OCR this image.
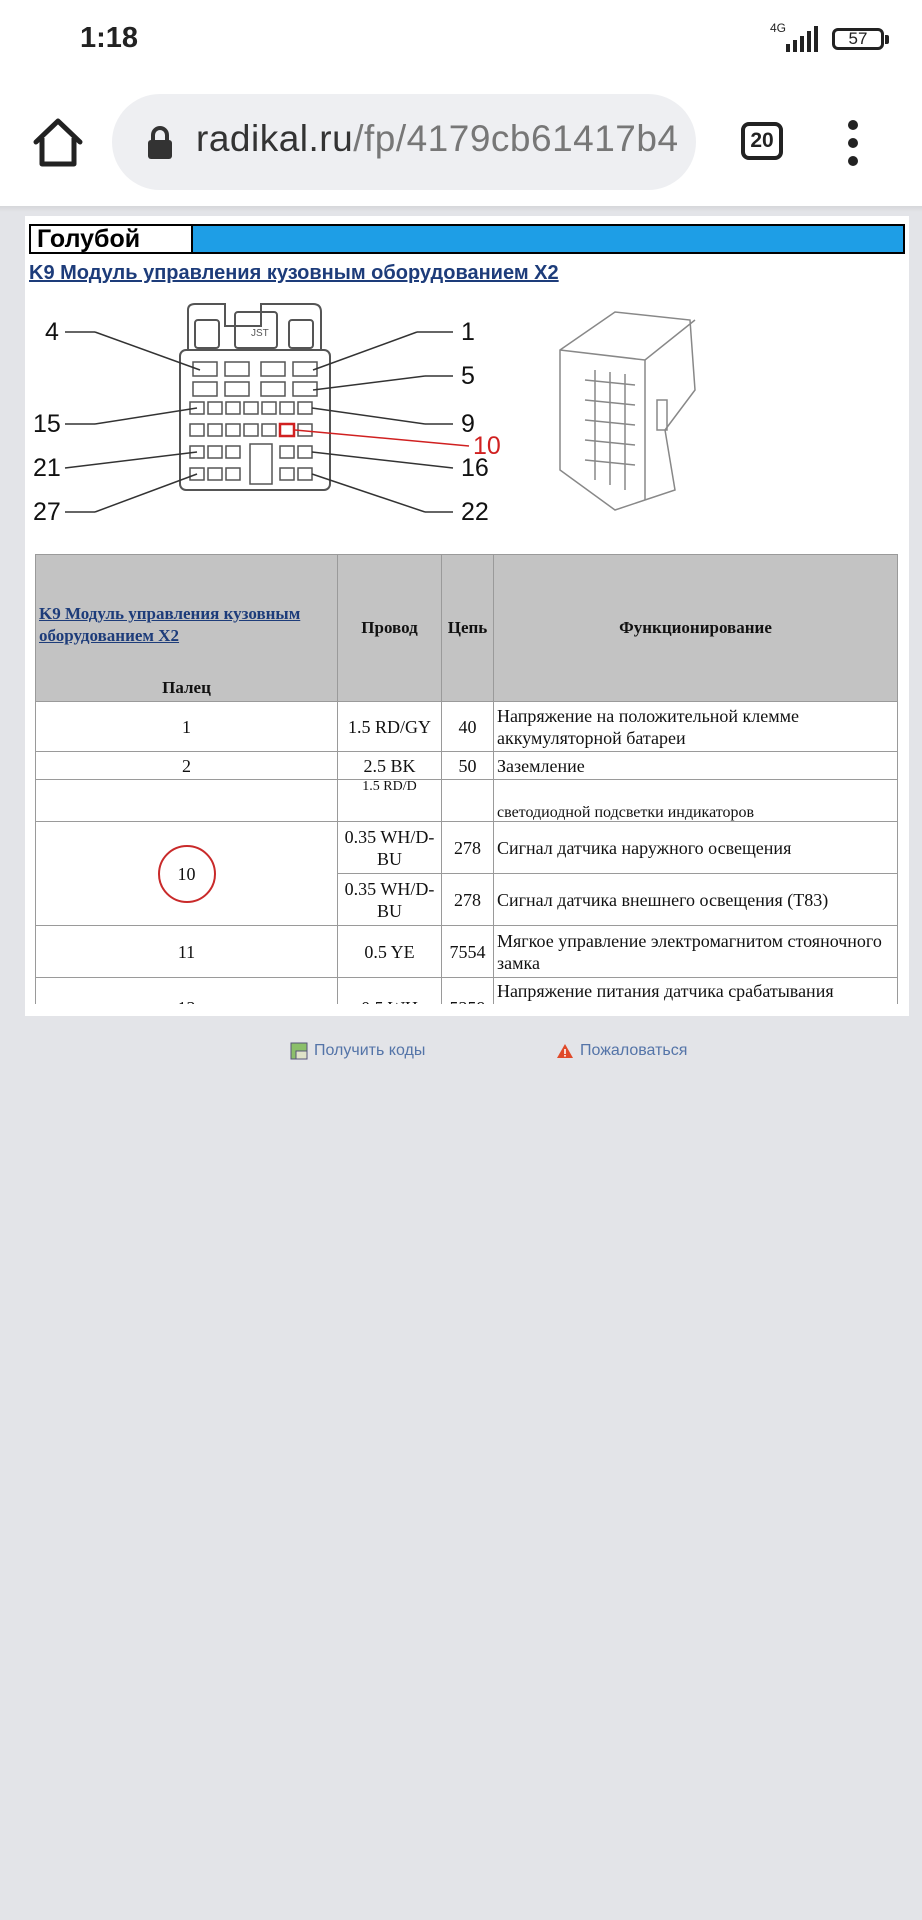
1:18	4G
57
radikal.ru/fp/4179cb61417b4	20
Голубой
K9 Модуль управления кузовным оборудованием X2
4	1
5
15	9
10
21	16
27	22
JST
K9 Модуль управления кузовным оборудованием X2
Палец	Провод	Цепь	Функционирование
1	1.5 RD/GY	40	Напряжение на положительной клемме аккумуляторной батареи
2	2.5 BK	50	Заземление
	1.5 RD/D		светодиодной подсветки индикаторов
10	0.35 WH/D-BU	278	Сигнал датчика наружного освещения
	0.35 WH/D-BU	278	Сигнал датчика внешнего освещения (T83)
11	0.5 YE	7554	Мягкое управление электромагнитом стояночного замка
			Напряжение питания датчика срабатывания
Получить коды	Пожаловаться
